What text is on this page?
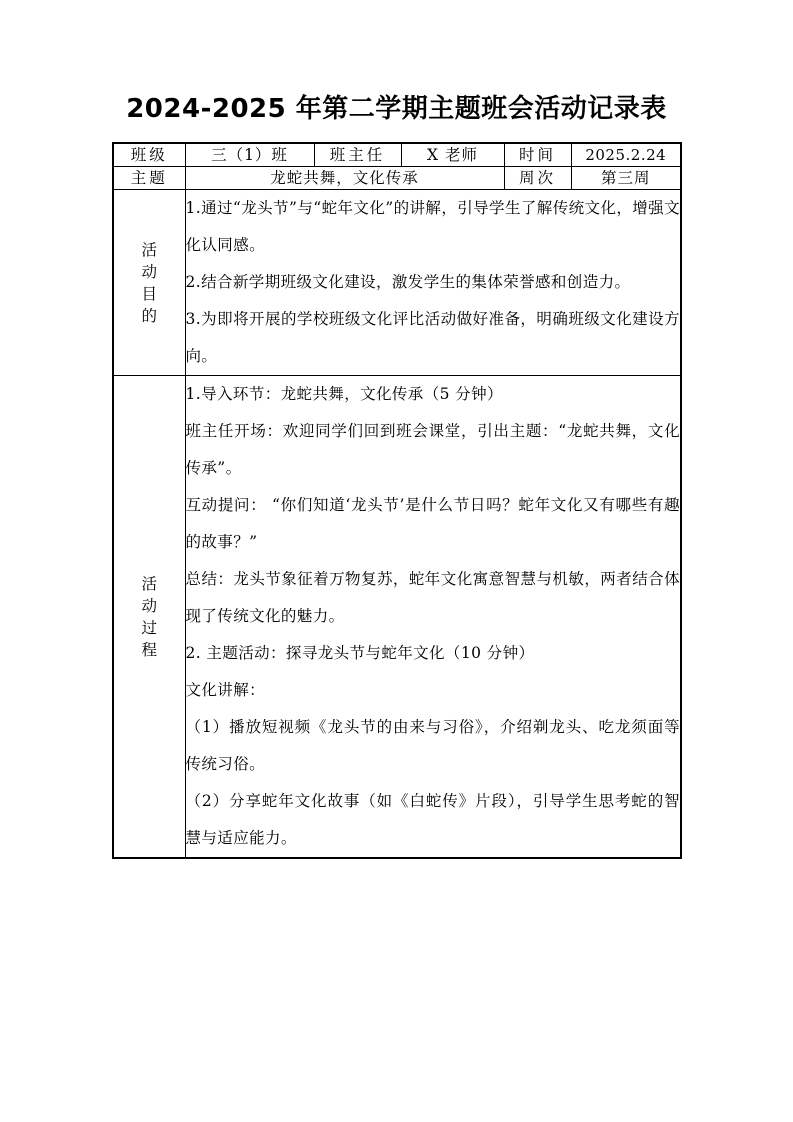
2024-2025 年第二学期主题班会活动记录表
班级	三（1）班	班主任	X 老师	时间	2025.2.24
主题	龙蛇共舞，文化传承			周次	第三周

活
动
目
的

1.通过“龙头节”与“蛇年文化”的讲解，引导学生了解传统文化，增强文化认同感。

2.结合新学期班级文化建设，激发学生的集体荣誉感和创造力。

3.为即将开展的学校班级文化评比活动做好准备，明确班级文化建设方向。

活
动
过
程

1.导入环节：龙蛇共舞，文化传承（5 分钟）

班主任开场：欢迎同学们回到班会课堂，引出主题：“龙蛇共舞，文化传承”。

互动提问： “你们知道‘龙头节’是什么节日吗？蛇年文化又有哪些有趣的故事？”

总结：龙头节象征着万物复苏，蛇年文化寓意智慧与机敏，两者结合体现了传统文化的魅力。

2. 主题活动：探寻龙头节与蛇年文化（10 分钟）

文化讲解：

（1）播放短视频《龙头节的由来与习俗》，介绍剃龙头、吃龙须面等传统习俗。

（2）分享蛇年文化故事（如《白蛇传》片段），引导学生思考蛇的智慧与适应能力。
